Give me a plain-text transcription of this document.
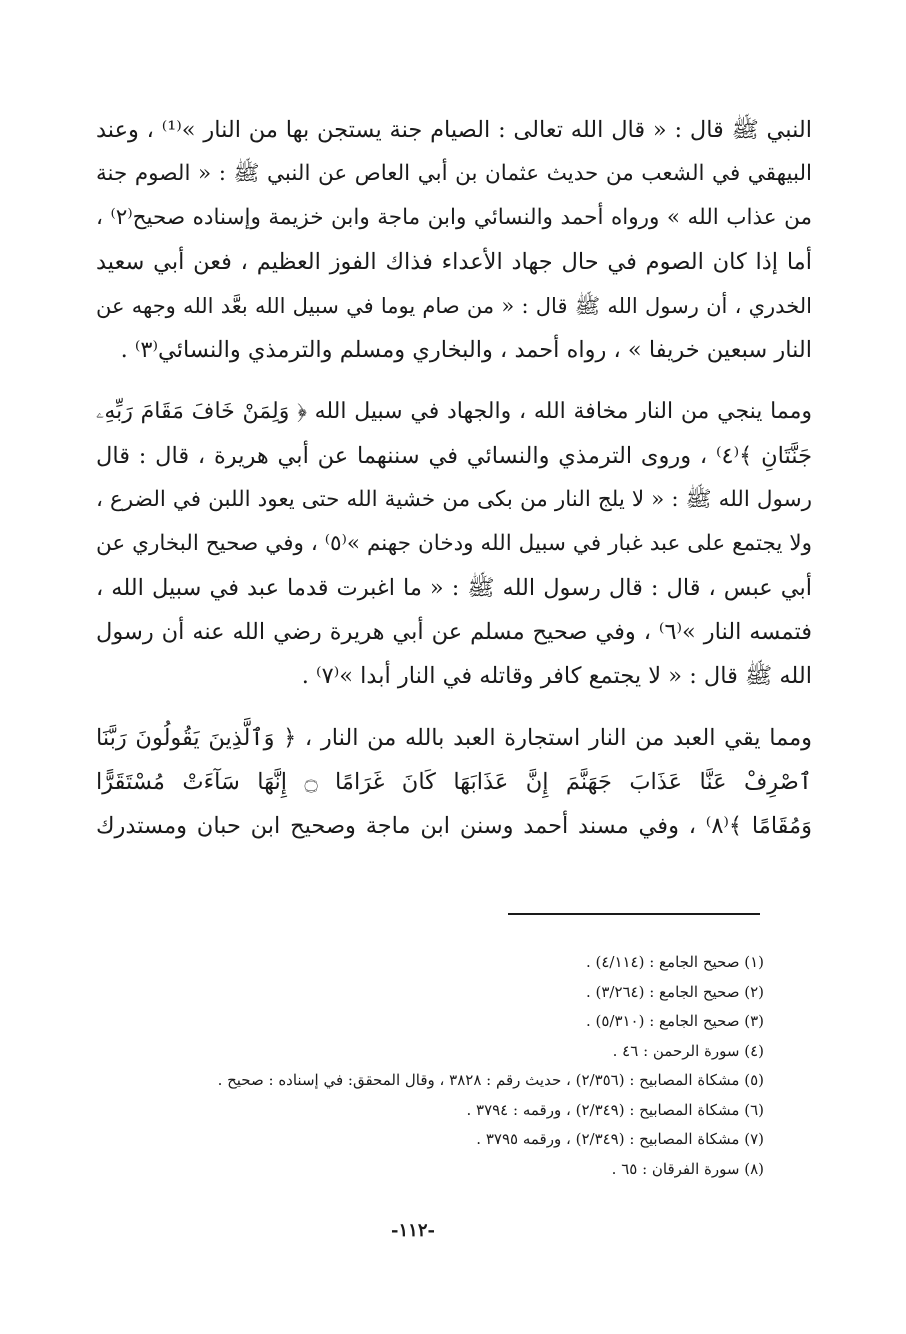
النبي ﷺ قال : « قال الله تعالى : الصيام جنة يستجن بها من النار »⁽¹⁾ ، وعند
البيهقي في الشعب من حديث عثمان بن أبي العاص عن النبي ﷺ : « الصوم جنة
من عذاب الله » ورواه أحمد والنسائي وابن ماجة وابن خزيمة وإسناده صحيح⁽٢⁾ ،
أما إذا كان الصوم في حال جهاد الأعداء فذاك الفوز العظيم ، فعن أبي سعيد
الخدري ، أن رسول الله ﷺ قال : « من صام يوما في سبيل الله بعَّد الله وجهه عن
النار سبعين خريفا » ، رواه أحمد ، والبخاري ومسلم والترمذي والنسائي⁽٣⁾ .
ومما ينجي من النار مخافة الله ، والجهاد في سبيل الله ﴿ وَلِمَنْ خَافَ مَقَامَ رَبِّهِۦ
جَنَّتَانِ ﴾⁽٤⁾ ، وروى الترمذي والنسائي في سننهما عن أبي هريرة ، قال : قال
رسول الله ﷺ : « لا يلج النار من بكى من خشية الله حتى يعود اللبن في الضرع ،
ولا يجتمع على عبد غبار في سبيل الله ودخان جهنم »⁽٥⁾ ، وفي صحيح البخاري عن
أبي عبس ، قال : قال رسول الله ﷺ : « ما اغبرت قدما عبد في سبيل الله ،
فتمسه النار »⁽٦⁾ ، وفي صحيح مسلم عن أبي هريرة رضي الله عنه أن رسول
الله ﷺ قال : « لا يجتمع كافر وقاتله في النار أبدا »⁽٧⁾ .
ومما يقي العبد من النار استجارة العبد بالله من النار ، ﴿ وَٱلَّذِينَ يَقُولُونَ رَبَّنَا
ٱصْرِفْ عَنَّا عَذَابَ جَهَنَّمَ إِنَّ عَذَابَهَا كَانَ غَرَامًا ۝ إِنَّهَا سَآءَتْ مُسْتَقَرًّا
وَمُقَامًا ﴾⁽٨⁾ ، وفي مسند أحمد وسنن ابن ماجة وصحيح ابن حبان ومستدرك
(١) صحيح الجامع : (٤/١١٤) .
(٢) صحيح الجامع : (٣/٢٦٤) .
(٣) صحيح الجامع : (٥/٣١٠) .
(٤) سورة الرحمن : ٤٦ .
(٥) مشكاة المصابيح : (٢/٣٥٦) ، حديث رقم : ٣٨٢٨ ، وقال المحقق: في إسناده : صحيح .
(٦) مشكاة المصابيح : (٢/٣٤٩) ، ورقمه : ٣٧٩٤ .
(٧) مشكاة المصابيح : (٢/٣٤٩) ، ورقمه ٣٧٩٥ .
(٨) سورة الفرقان : ٦٥ .
-١١٢-
